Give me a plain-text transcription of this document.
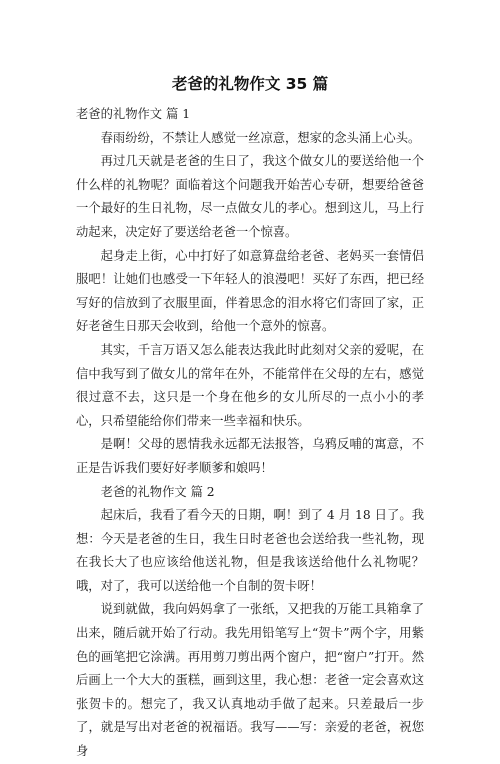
老爸的礼物作文 35 篇

老爸的礼物作文 篇 1

春雨纷纷，不禁让人感觉一丝凉意，想家的念头涌上心头。

再过几天就是老爸的生日了，我这个做女儿的要送给他一个什么样的礼物呢？面临着这个问题我开始苦心专研，想要给爸爸一个最好的生日礼物，尽一点做女儿的孝心。想到这儿，马上行动起来，决定好了要送给老爸一个惊喜。

起身走上街，心中打好了如意算盘给老爸、老妈买一套情侣服吧！让她们也感受一下年轻人的浪漫吧！买好了东西，把已经写好的信放到了衣服里面，伴着思念的泪水将它们寄回了家，正好老爸生日那天会收到，给他一个意外的惊喜。

其实，千言万语又怎么能表达我此时此刻对父亲的爱呢，在信中我写到了做女儿的常年在外，不能常伴在父母的左右，感觉很过意不去，这只是一个身在他乡的女儿所尽的一点小小的孝心，只希望能给你们带来一些幸福和快乐。

是啊！父母的恩情我永远都无法报答，乌鸦反哺的寓意，不正是告诉我们要好好孝顺爹和娘吗！

老爸的礼物作文 篇 2

起床后，我看了看今天的日期，啊！到了 4 月 18 日了。我想：今天是老爸的生日，我生日时老爸也会送给我一些礼物，现在我长大了也应该给他送礼物，但是我该送给他什么礼物呢？哦，对了，我可以送给他一个自制的贺卡呀！

说到就做，我向妈妈拿了一张纸，又把我的万能工具箱拿了出来，随后就开始了行动。我先用铅笔写上“贺卡”两个字，用紫色的画笔把它涂满。再用剪刀剪出两个窗户，把“窗户”打开。然后画上一个大大的蛋糕，画到这里，我心想：老爸一定会喜欢这张贺卡的。想完了，我又认真地动手做了起来。只差最后一步了，就是写出对老爸的祝福语。我写——写：亲爱的老爸，祝您身
